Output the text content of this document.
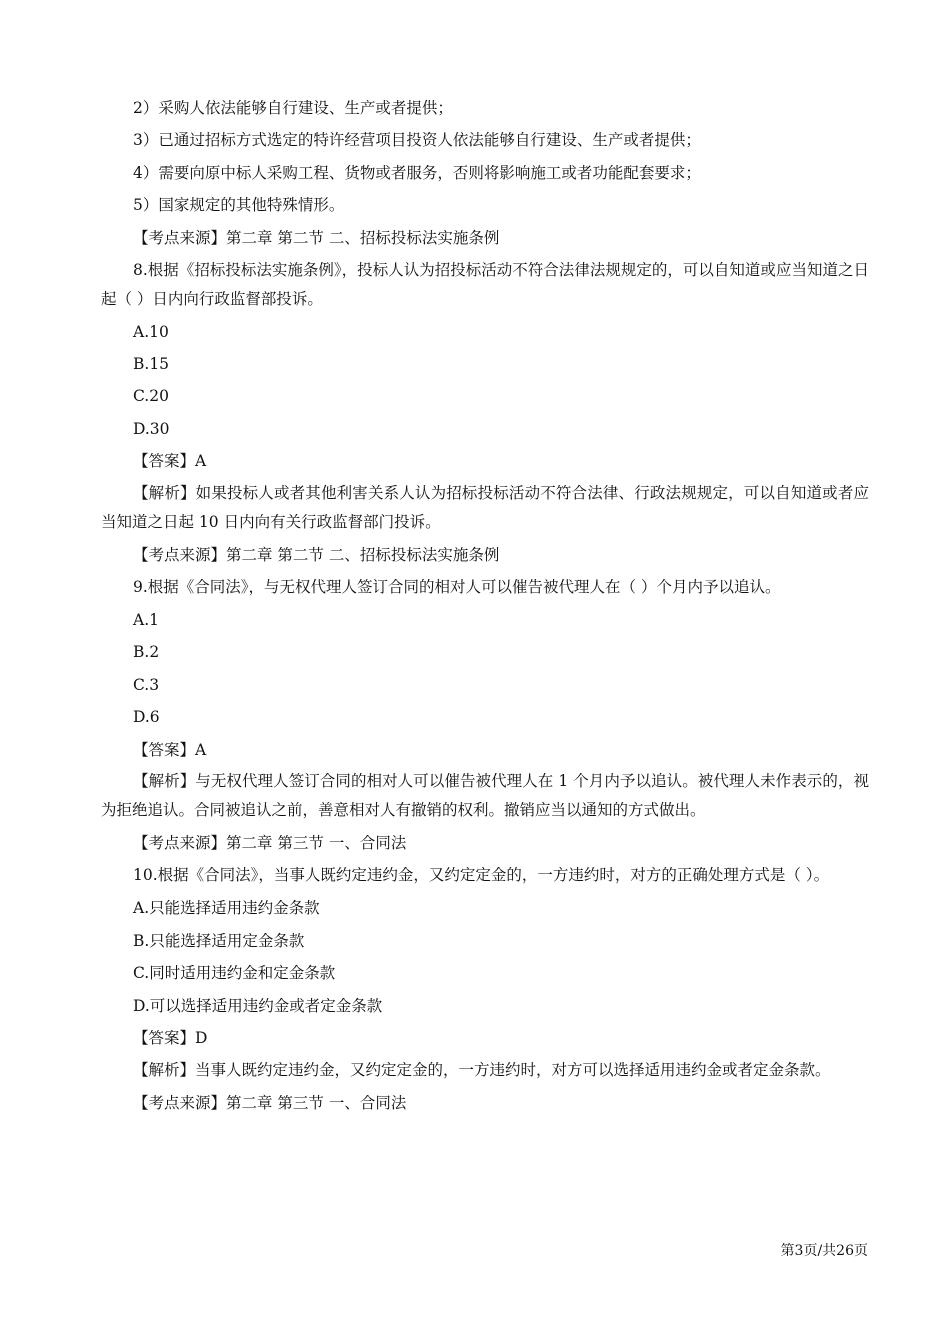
2）采购人依法能够自行建设、生产或者提供；

3）已通过招标方式选定的特许经营项目投资人依法能够自行建设、生产或者提供；

4）需要向原中标人采购工程、货物或者服务，否则将影响施工或者功能配套要求；

5）国家规定的其他特殊情形。

【考点来源】第二章 第二节 二、招标投标法实施条例

8.根据《招标投标法实施条例》，投标人认为招投标活动不符合法律法规规定的，可以自知道或应当知道之日起（ ）日内向行政监督部投诉。

A.10

B.15

C.20

D.30

【答案】A

【解析】如果投标人或者其他利害关系人认为招标投标活动不符合法律、行政法规规定，可以自知道或者应当知道之日起 10 日内向有关行政监督部门投诉。

【考点来源】第二章 第二节 二、招标投标法实施条例

9.根据《合同法》，与无权代理人签订合同的相对人可以催告被代理人在（ ）个月内予以追认。

A.1

B.2

C.3

D.6

【答案】A

【解析】与无权代理人签订合同的相对人可以催告被代理人在 1 个月内予以追认。被代理人未作表示的，视为拒绝追认。合同被追认之前，善意相对人有撤销的权利。撤销应当以通知的方式做出。

【考点来源】第二章 第三节 一、合同法

10.根据《合同法》，当事人既约定违约金，又约定定金的，一方违约时，对方的正确处理方式是（ ）。

A.只能选择适用违约金条款

B.只能选择适用定金条款

C.同时适用违约金和定金条款

D.可以选择适用违约金或者定金条款

【答案】D

【解析】当事人既约定违约金，又约定定金的，一方违约时，对方可以选择适用违约金或者定金条款。

【考点来源】第二章 第三节 一、合同法

第3页/共26页
